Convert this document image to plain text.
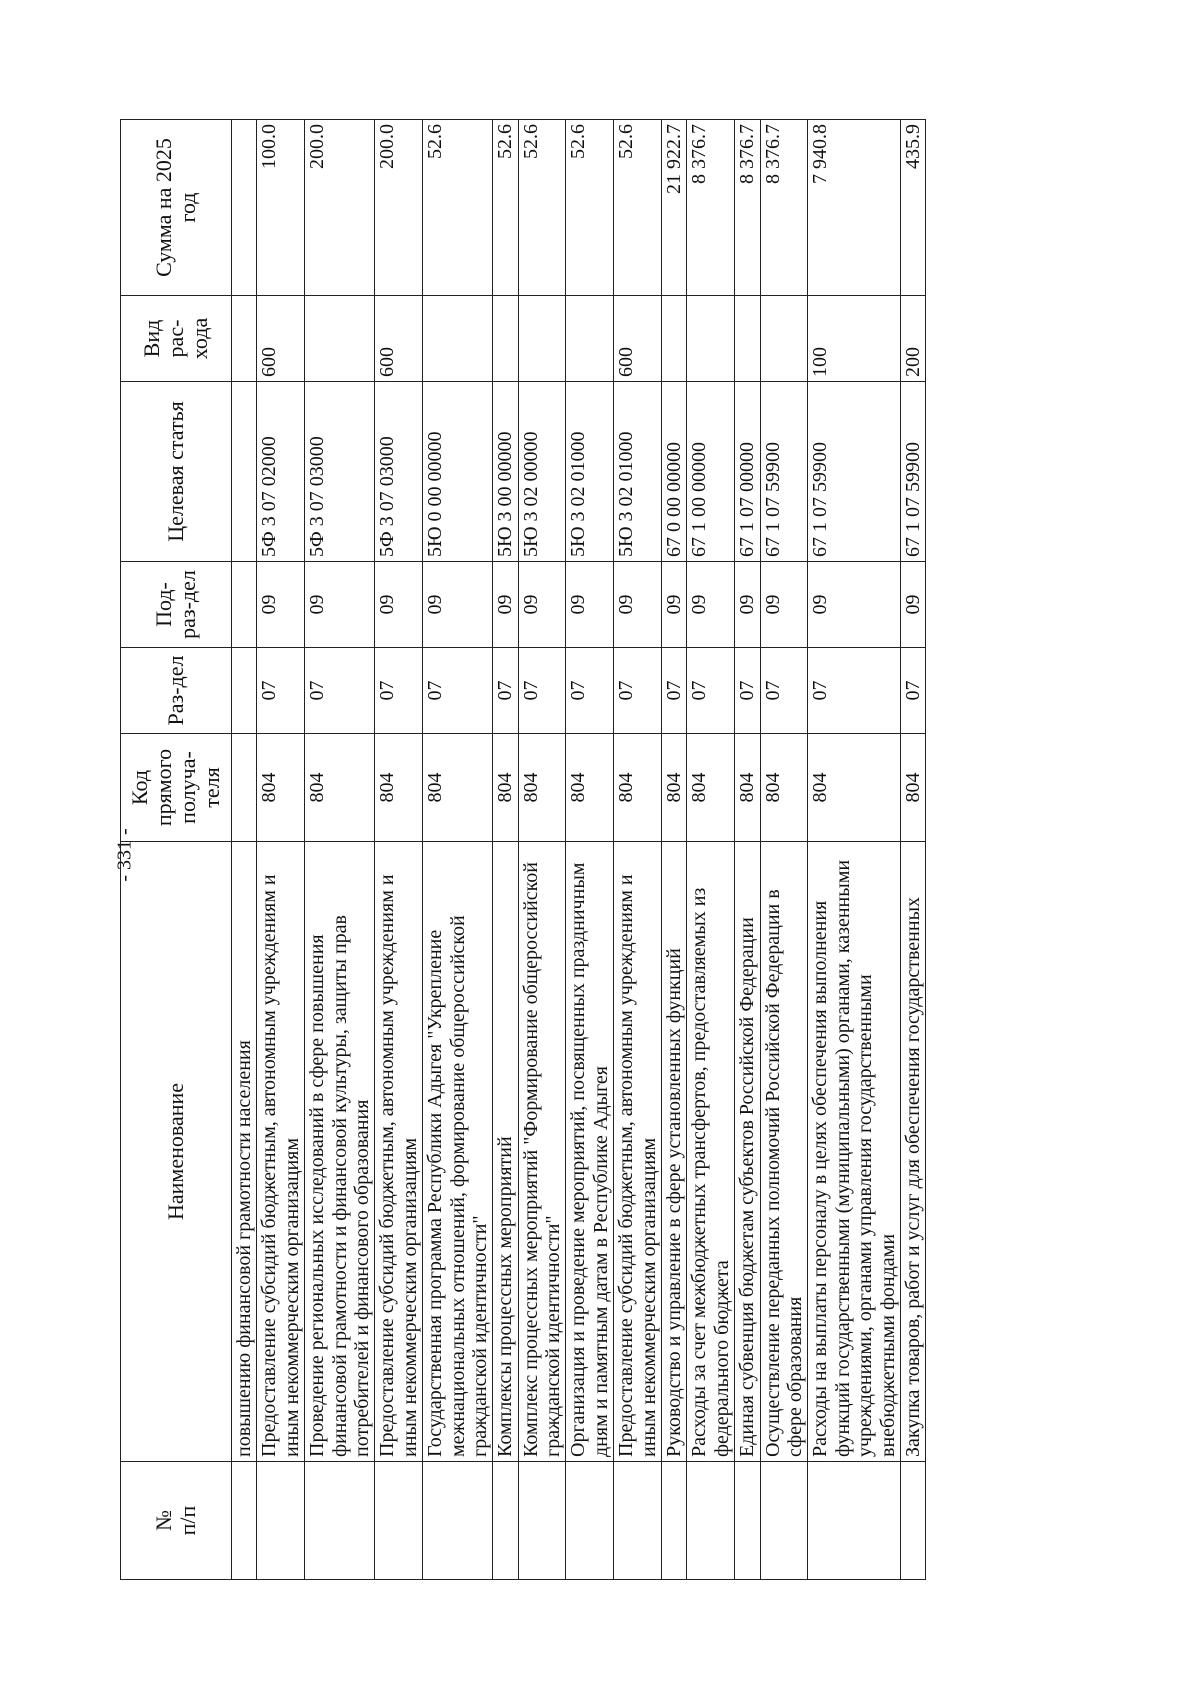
- 331 -
№
п/п	Наименование	Код прямого получа-теля	Раз-дел	Под-раз-дел	Целевая статья	Вид рас-хода	Сумма на 2025 год
	повышению финансовой грамотности населения						
	Предоставление субсидий бюджетным, автономным учреждениям и иным некоммерческим организациям	804	07	09	5Ф 3 07 02000	600	100.0
	Проведение региональных исследований в сфере повышения финансовой грамотности и финансовой культуры, защиты прав потребителей и финансового образования	804	07	09	5Ф 3 07 03000		200.0
	Предоставление субсидий бюджетным, автономным учреждениям и иным некоммерческим организациям	804	07	09	5Ф 3 07 03000	600	200.0
	Государственная программа Республики Адыгея "Укрепление межнациональных отношений, формирование общероссийской гражданской идентичности"	804	07	09	5Ю 0 00 00000		52.6
	Комплексы процессных мероприятий	804	07	09	5Ю 3 00 00000		52.6
	Комплекс процессных мероприятий "Формирование общероссийской гражданской идентичности"	804	07	09	5Ю 3 02 00000		52.6
	Организация и проведение мероприятий, посвященных праздничным дням и памятным датам в Республике Адыгея	804	07	09	5Ю 3 02 01000		52.6
	Предоставление субсидий бюджетным, автономным учреждениям и иным некоммерческим организациям	804	07	09	5Ю 3 02 01000	600	52.6
	Руководство и управление в сфере установленных функций	804	07	09	67 0 00 00000		21 922.7
	Расходы за счет межбюджетных трансфертов, предоставляемых из федерального бюджета	804	07	09	67 1 00 00000		8 376.7
	Единая субвенция бюджетам субъектов Российской Федерации	804	07	09	67 1 07 00000		8 376.7
	Осуществление переданных полномочий Российской Федерации в сфере образования	804	07	09	67 1 07 59900		8 376.7
	Расходы на выплаты персоналу в целях обеспечения выполнения функций государственными (муниципальными) органами, казенными учреждениями, органами управления государственными внебюджетными фондами	804	07	09	67 1 07 59900	100	7 940.8
	Закупка товаров, работ и услуг для обеспечения государственных	804	07	09	67 1 07 59900	200	435.9
